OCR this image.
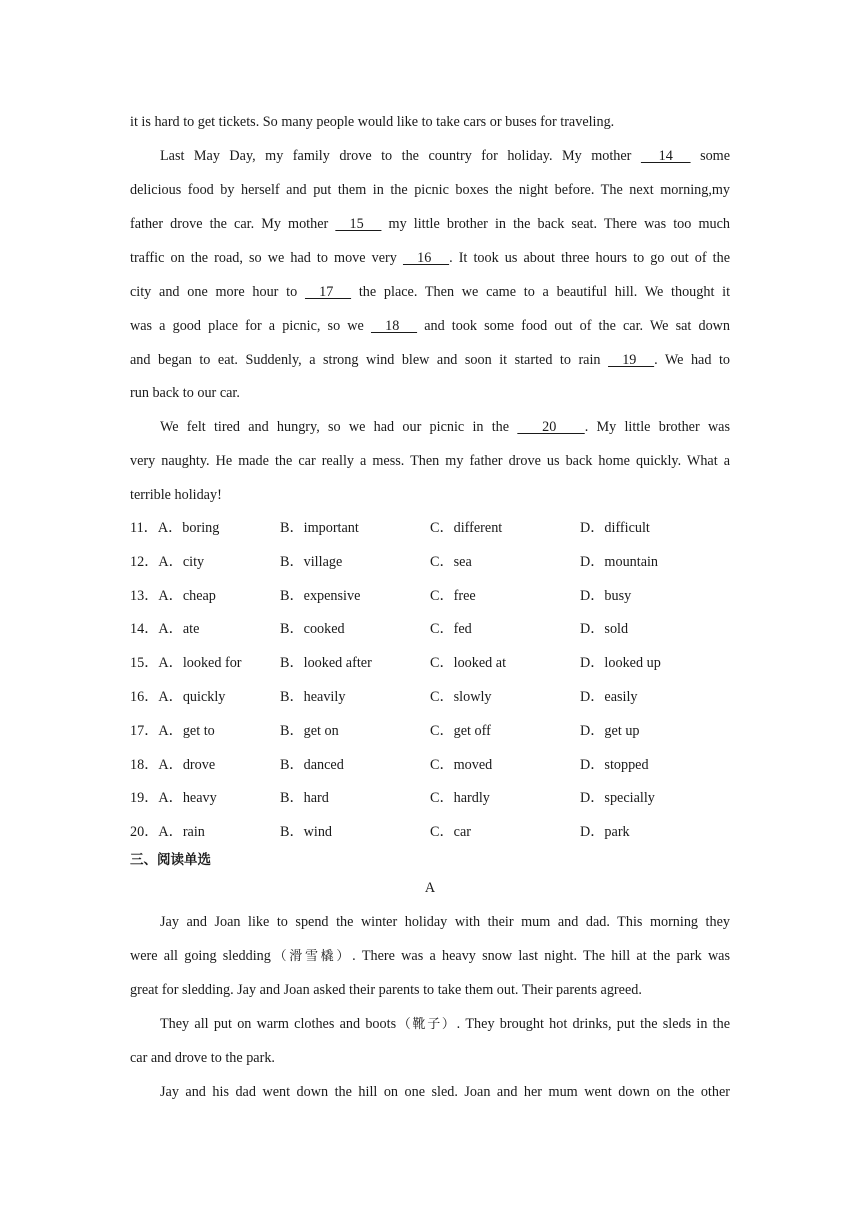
it is hard to get tickets. So many people would like to take cars or buses for traveling.
Last May Day, my family drove to the country for holiday. My mother      14      some
delicious food by herself and put them in the picnic boxes the night before. The next morning,my
father drove the car. My mother     15      my little brother in the back seat. There was too much
traffic on the road, so we had to move very     16     . It took us about three hours to go out of the
city and one more hour to     17      the place. Then we came to a beautiful hill. We thought it
was a good place for a picnic, so we     18      and took some food out of the car. We sat down
and began to eat. Suddenly, a strong wind blew and soon it started to rain     19     . We had to
run back to our car.
We felt tired and hungry, so we had our picnic in the        20        . My little brother was
very naughty. He made the car really a mess. Then my father drove us back home quickly. What a
terrible holiday!
11．A．boring	B．important	C．different	D．difficult
12．A．city	B．village	C．sea	D．mountain
13．A．cheap	B．expensive	C．free	D．busy
14．A．ate	B．cooked	C．fed	D．sold
15．A．looked for	B．looked after	C．looked at	D．looked up
16．A．quickly	B．heavily	C．slowly	D．easily
17．A．get to	B．get on	C．get off	D．get up
18．A．drove	B．danced	C．moved	D．stopped
19．A．heavy	B．hard	C．hardly	D．specially
20．A．rain	B．wind	C．car	D．park
三、阅读单选
A
Jay and Joan like to spend the winter holiday with their mum and dad. This morning they
were all going sledding（滑雪橇）. There was a heavy snow last night. The hill at the park was
great for sledding. Jay and Joan asked their parents to take them out. Their parents agreed.
They all put on warm clothes and boots（靴子）. They brought hot drinks, put the sleds in the
car and drove to the park.
Jay and his dad went down the hill on one sled. Joan and her mum went down on the other
